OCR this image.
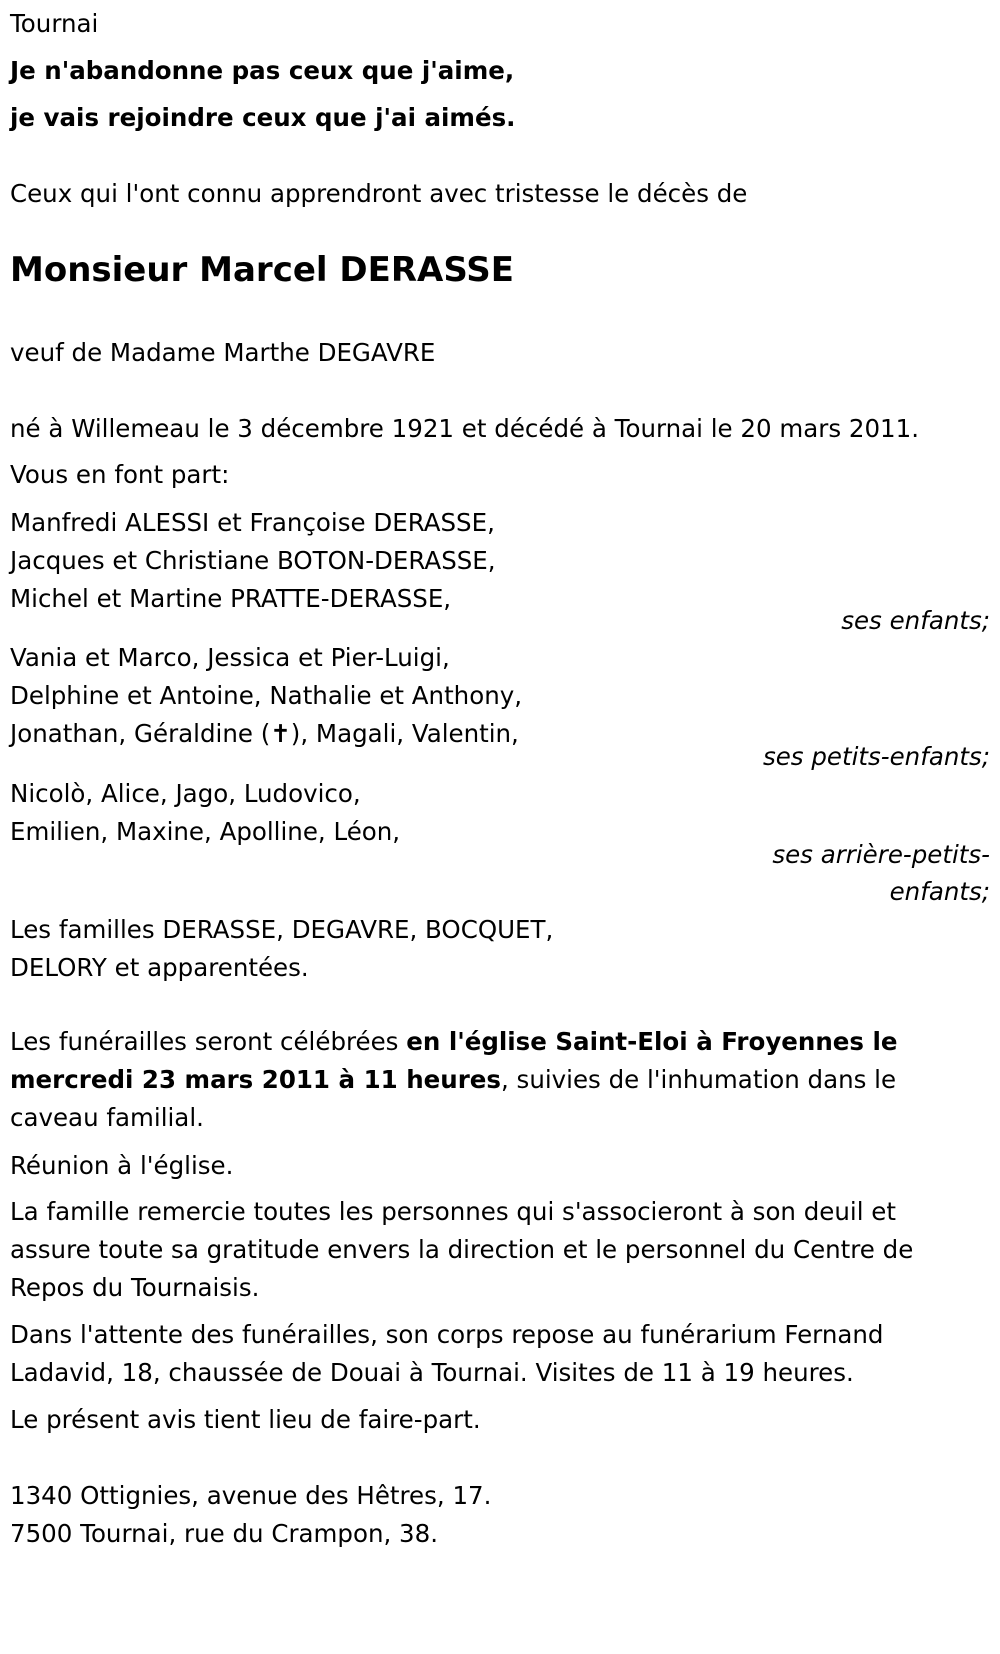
Tournai
Je n'abandonne pas ceux que j'aime,
je vais rejoindre ceux que j'ai aimés.
Ceux qui l'ont connu apprendront avec tristesse le décès de
Monsieur Marcel DERASSE
veuf de Madame Marthe DEGAVRE
né à Willemeau le 3 décembre 1921 et décédé à Tournai le 20 mars 2011.
Vous en font part:
Manfredi ALESSI et Françoise DERASSE,
Jacques et Christiane BOTON-DERASSE,
Michel et Martine PRATTE-DERASSE,
ses enfants;
Vania et Marco, Jessica et Pier-Luigi,
Delphine et Antoine, Nathalie et Anthony,
Jonathan, Géraldine (✝), Magali, Valentin,
ses petits-enfants;
Nicolò, Alice, Jago, Ludovico,
Emilien, Maxine, Apolline, Léon,
ses arrière-petits-
enfants;
Les familles DERASSE, DEGAVRE, BOCQUET,
DELORY et apparentées.
Les funérailles seront célébrées en l'église Saint-Eloi à Froyennes le mercredi 23 mars 2011 à 11 heures, suivies de l'inhumation dans le caveau familial.
Réunion à l'église.
La famille remercie toutes les personnes qui s'associeront à son deuil et assure toute sa gratitude envers la direction et le personnel du Centre de Repos du Tournaisis.
Dans l'attente des funérailles, son corps repose au funérarium Fernand Ladavid, 18, chaussée de Douai à Tournai. Visites de 11 à 19 heures.
Le présent avis tient lieu de faire-part.
1340 Ottignies, avenue des Hêtres, 17.
7500 Tournai, rue du Crampon, 38.
